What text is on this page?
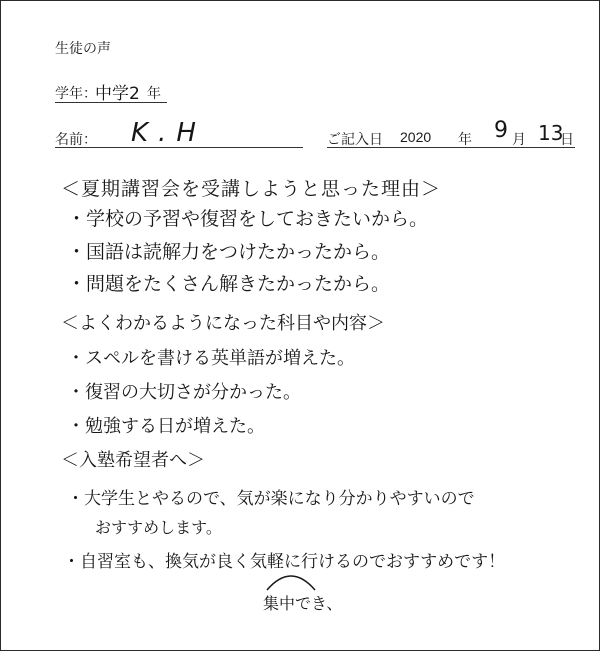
生徒の声
学年：
中学2 年
名前： K.H	ご記入日 2020 年 9 月 13
日
＜夏期講習会を受講しようと思った理由＞
・学校の予習や復習をしておきたいから。
・国語は読解力をつけたかったから。
・問題をたくさん解きたかったから。
＜よくわかるようになった科目や内容＞
・スペルを書ける英単語が増えた。
・復習の大切さが分かった。
・勉強する日が増えた。
＜入塾希望者へ＞
・大学生とやるので、気が楽になり分かりやすいので
おすすめします。
・自習室も、換気が良く気軽に行けるのでおすすめです！
集中でき、
